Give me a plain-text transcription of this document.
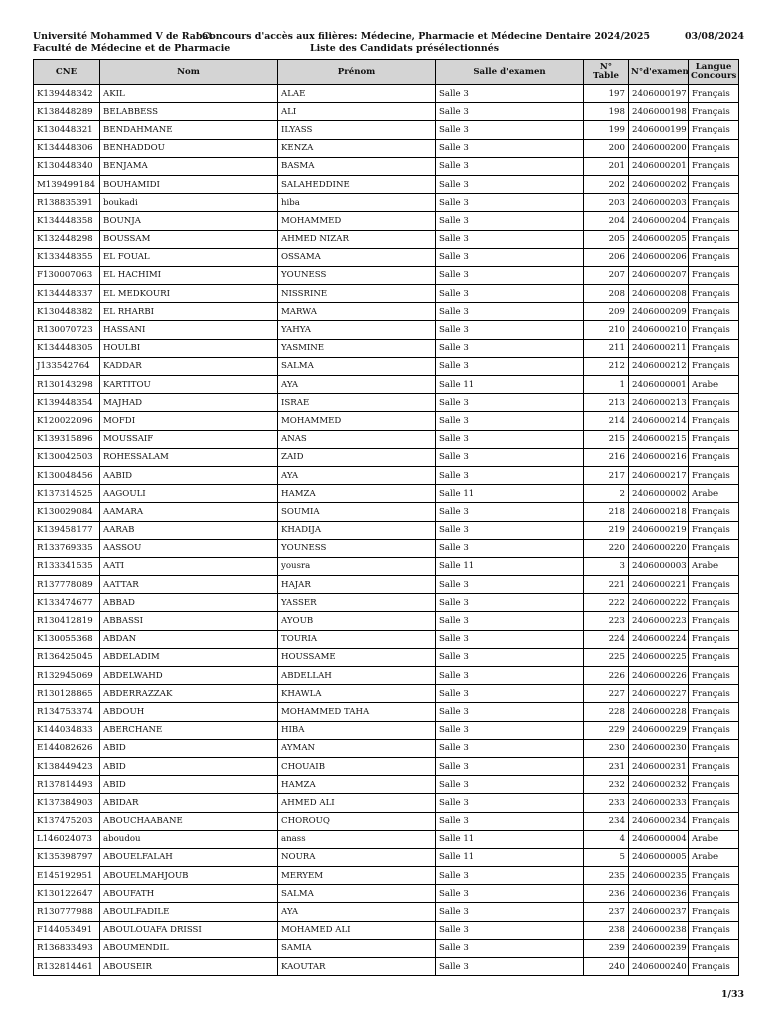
Université Mohammed V de Rabat
Faculté de Médecine et de Pharmacie
Concours d'accès aux filières: Médecine, Pharmacie et Médecine Dentaire 2024/2025
Liste des Candidats présélectionnés
03/08/2024
CNE	Nom	Prénom	Salle d'examen	N° Table	N°d'examen	Langue Concours
K139448342	AKIL	ALAE	Salle 3	197	2406000197	Français
K138448289	BELABBESS	ALI	Salle 3	198	2406000198	Français
K130448321	BENDAHMANE	ILYASS	Salle 3	199	2406000199	Français
K134448306	BENHADDOU	KENZA	Salle 3	200	2406000200	Français
K130448340	BENJAMA	BASMA	Salle 3	201	2406000201	Français
M139499184	BOUHAMIDI	SALAHEDDINE	Salle 3	202	2406000202	Français
R138835391	boukadi	hiba	Salle 3	203	2406000203	Français
K134448358	BOUNJA	MOHAMMED	Salle 3	204	2406000204	Français
K132448298	BOUSSAM	AHMED NIZAR	Salle 3	205	2406000205	Français
K133448355	EL FOUAL	OSSAMA	Salle 3	206	2406000206	Français
F130007063	EL HACHIMI	YOUNESS	Salle 3	207	2406000207	Français
K134448337	EL MEDKOURI	NISSRINE	Salle 3	208	2406000208	Français
K130448382	EL RHARBI	MARWA	Salle 3	209	2406000209	Français
R130070723	HASSANI	YAHYA	Salle 3	210	2406000210	Français
K134448305	HOULBI	YASMINE	Salle 3	211	2406000211	Français
J133542764	KADDAR	SALMA	Salle 3	212	2406000212	Français
R130143298	KARTITOU	AYA	Salle 11	1	2406000001	Arabe
K139448354	MAJHAD	ISRAE	Salle 3	213	2406000213	Français
K120022096	MOFDI	MOHAMMED	Salle 3	214	2406000214	Français
K139315896	MOUSSAIF	ANAS	Salle 3	215	2406000215	Français
K130042503	ROHESSALAM	ZAID	Salle 3	216	2406000216	Français
K130048456	AABID	AYA	Salle 3	217	2406000217	Français
K137314525	AAGOULI	HAMZA	Salle 11	2	2406000002	Arabe
K130029084	AAMARA	SOUMIA	Salle 3	218	2406000218	Français
K139458177	AARAB	KHADIJA	Salle 3	219	2406000219	Français
R133769335	AASSOU	YOUNESS	Salle 3	220	2406000220	Français
R133341535	AATI	yousra	Salle 11	3	2406000003	Arabe
R137778089	AATTAR	HAJAR	Salle 3	221	2406000221	Français
K133474677	ABBAD	YASSER	Salle 3	222	2406000222	Français
R130412819	ABBASSI	AYOUB	Salle 3	223	2406000223	Français
K130055368	ABDAN	TOURIA	Salle 3	224	2406000224	Français
R136425045	ABDELADIM	HOUSSAME	Salle 3	225	2406000225	Français
R132945069	ABDELWAHD	ABDELLAH	Salle 3	226	2406000226	Français
R130128865	ABDERRAZZAK	KHAWLA	Salle 3	227	2406000227	Français
R134753374	ABDOUH	MOHAMMED TAHA	Salle 3	228	2406000228	Français
K144034833	ABERCHANE	HIBA	Salle 3	229	2406000229	Français
E144082626	ABID	AYMAN	Salle 3	230	2406000230	Français
K138449423	ABID	CHOUAIB	Salle 3	231	2406000231	Français
R137814493	ABID	HAMZA	Salle 3	232	2406000232	Français
K137384903	ABIDAR	AHMED ALI	Salle 3	233	2406000233	Français
K137475203	ABOUCHAABANE	CHOROUQ	Salle 3	234	2406000234	Français
L146024073	aboudou	anass	Salle 11	4	2406000004	Arabe
K135398797	ABOUELFALAH	NOURA	Salle 11	5	2406000005	Arabe
E145192951	ABOUELMAHJOUB	MERYEM	Salle 3	235	2406000235	Français
K130122647	ABOUFATH	SALMA	Salle 3	236	2406000236	Français
R130777988	ABOULFADILE	AYA	Salle 3	237	2406000237	Français
F144053491	ABOULOUAFA DRISSI	MOHAMED ALI	Salle 3	238	2406000238	Français
R136833493	ABOUMENDIL	SAMIA	Salle 3	239	2406000239	Français
R132814461	ABOUSEIR	KAOUTAR	Salle 3	240	2406000240	Français
1/33
